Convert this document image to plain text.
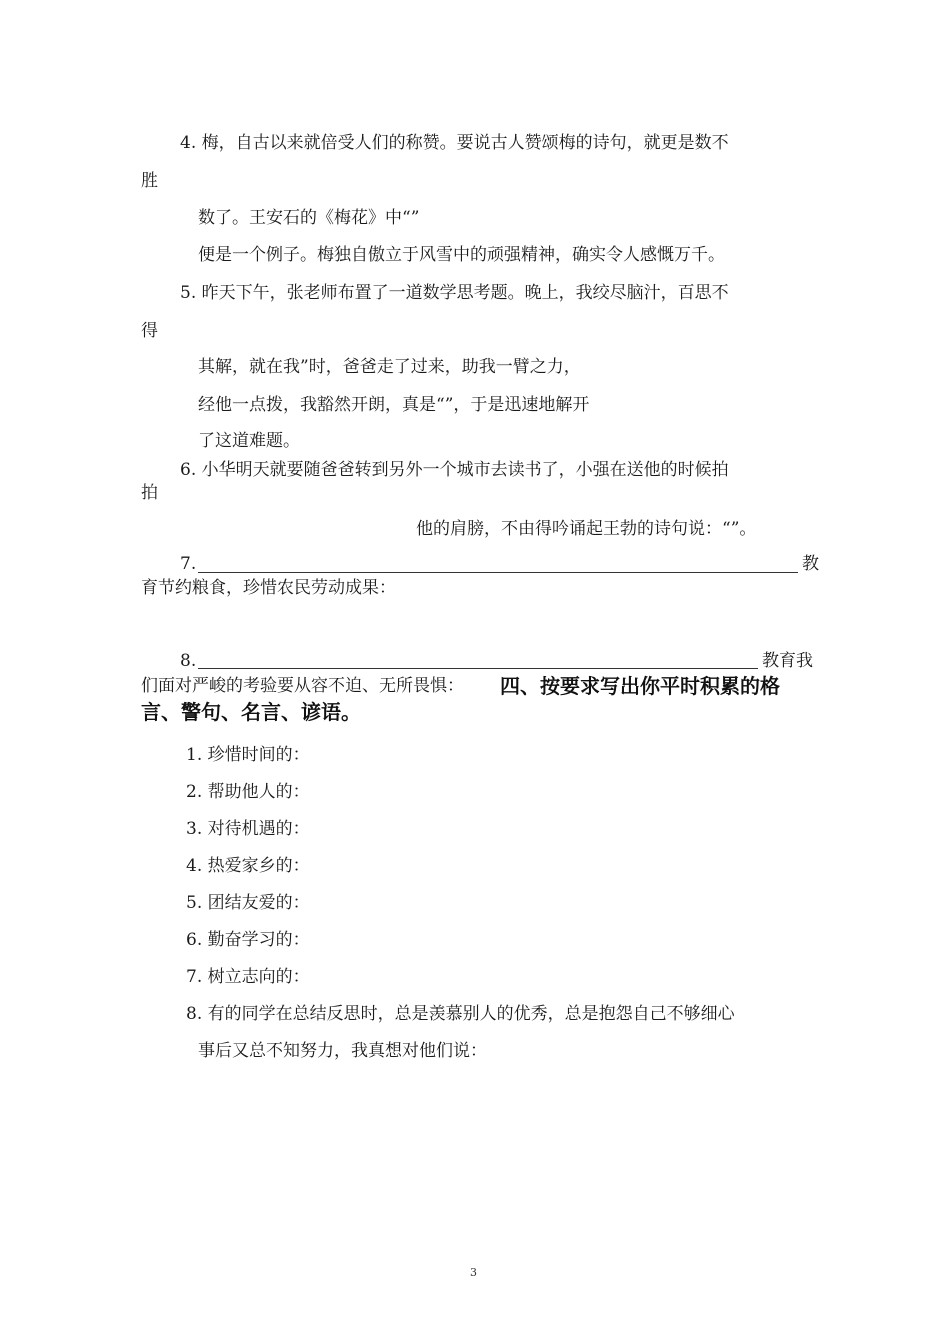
4. 梅，自古以来就倍受人们的称赞。要说古人赞颂梅的诗句，就更是数不
胜
数了。王安石的《梅花》中“”
便是一个例子。梅独自傲立于风雪中的顽强精神，确实令人感慨万千。
5. 昨天下午，张老师布置了一道数学思考题。晚上，我绞尽脑汁，百思不
得
其解，就在我”时，爸爸走了过来，助我一臂之力，
经他一点拨，我豁然开朗，真是“”，于是迅速地解开
了这道难题。
6. 小华明天就要随爸爸转到另外一个城市去读书了，小强在送他的时候拍
拍
他的肩膀，不由得吟诵起王勃的诗句说：“”。
7.	教
育节约粮食，珍惜农民劳动成果：
8.	教育我
们面对严峻的考验要从容不迫、无所畏惧： 四、按要求写出你平时积累的格
言、警句、名言、谚语。
1. 珍惜时间的：
2. 帮助他人的：
3. 对待机遇的：
4. 热爱家乡的：
5. 团结友爱的：
6. 勤奋学习的：
7. 树立志向的：
8. 有的同学在总结反思时，总是羡慕别人的优秀，总是抱怨自己不够细心
事后又总不知努力，我真想对他们说：
3
